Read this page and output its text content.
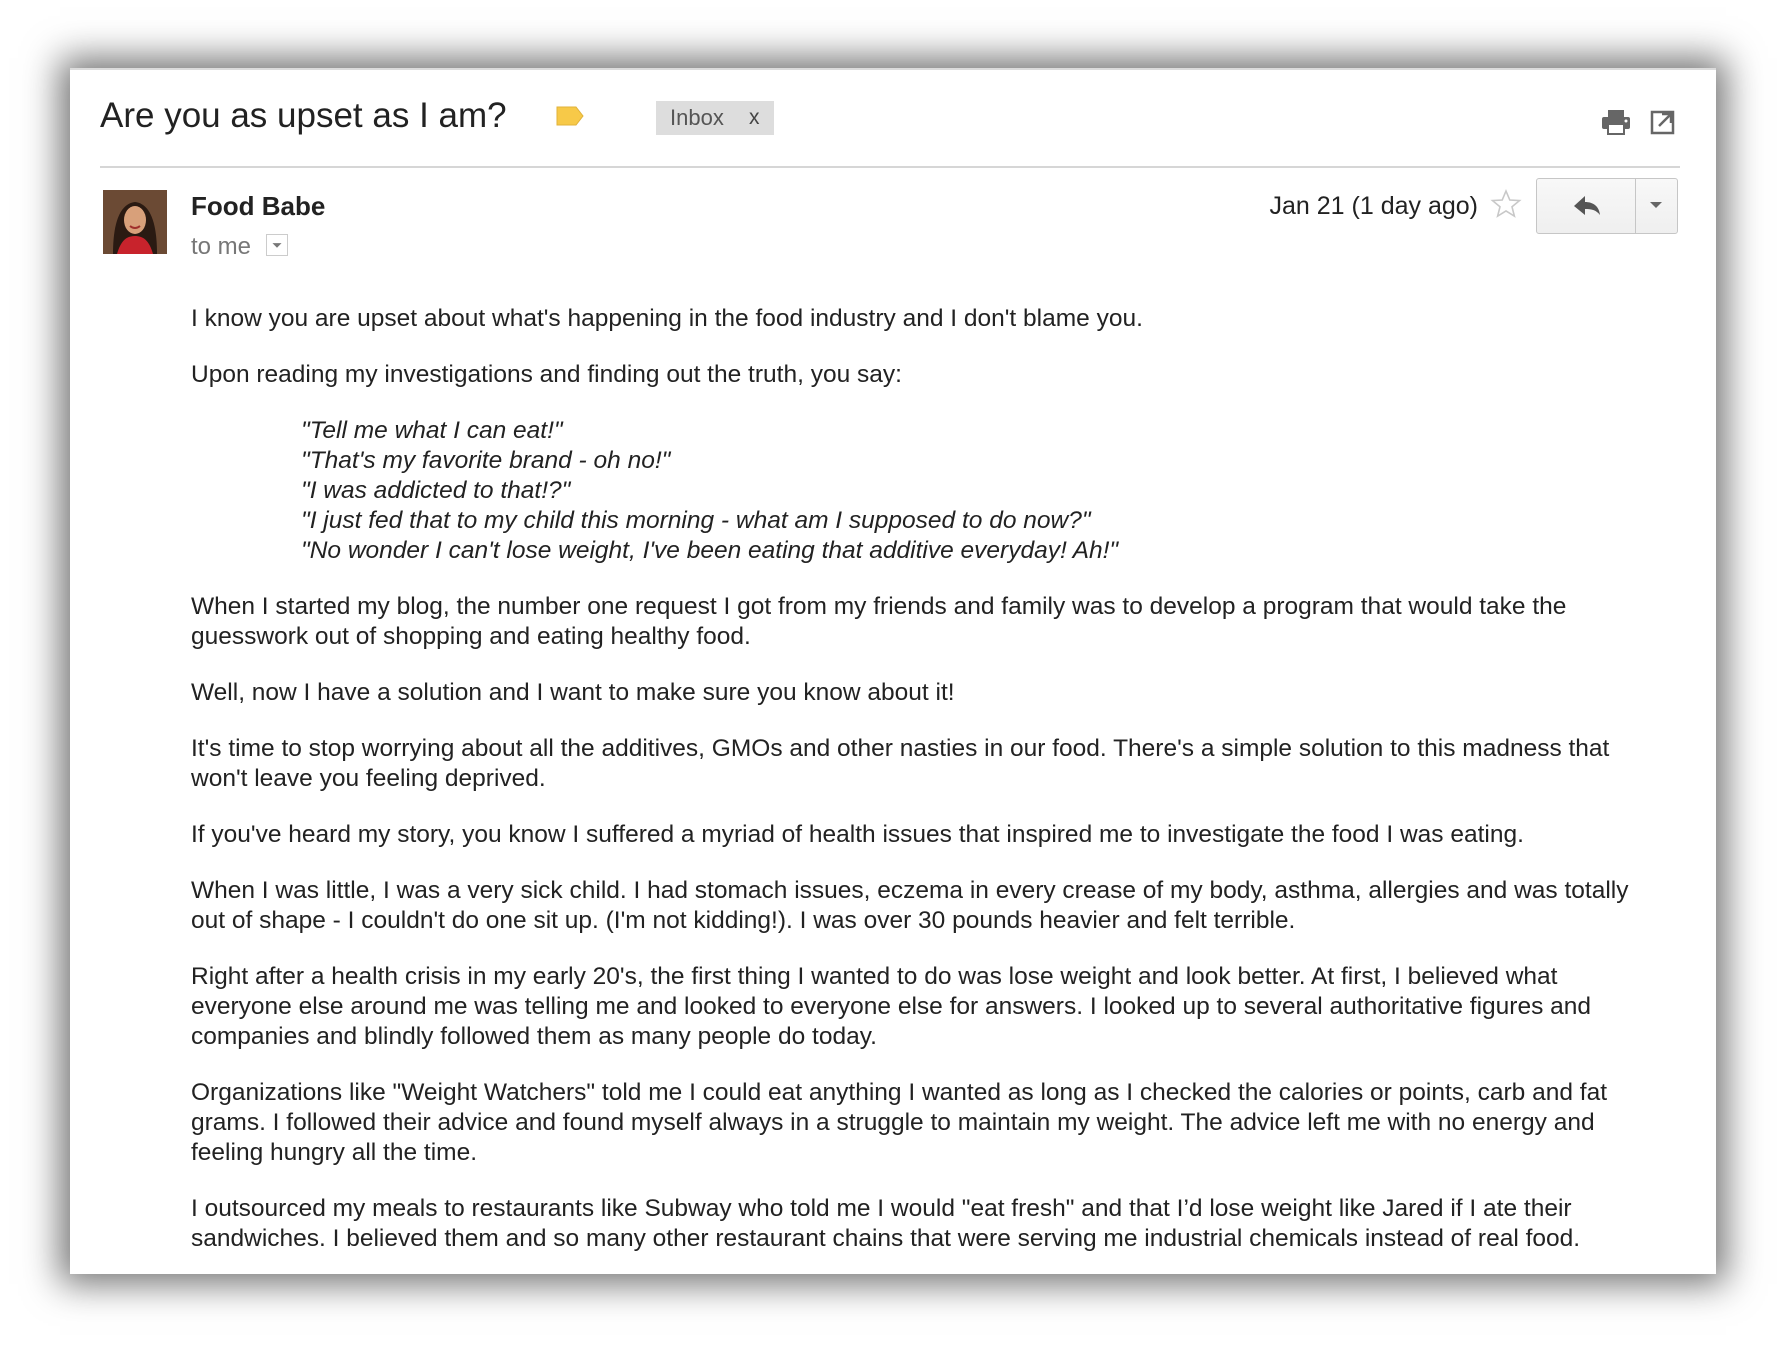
Are you as upset as I am?	Inbox x
Food Babe
to me
Jan 21 (1 day ago)

I know you are upset about what's happening in the food industry and I don't blame you.

Upon reading my investigations and finding out the truth, you say:

"Tell me what I can eat!"
"That's my favorite brand - oh no!"
"I was addicted to that!?"
"I just fed that to my child this morning - what am I supposed to do now?"
"No wonder I can't lose weight, I've been eating that additive everyday! Ah!"

When I started my blog, the number one request I got from my friends and family was to develop a program that would take the guesswork out of shopping and eating healthy food.

Well, now I have a solution and I want to make sure you know about it!

It's time to stop worrying about all the additives, GMOs and other nasties in our food. There's a simple solution to this madness that won't leave you feeling deprived.

If you've heard my story, you know I suffered a myriad of health issues that inspired me to investigate the food I was eating.

When I was little, I was a very sick child. I had stomach issues, eczema in every crease of my body, asthma, allergies and was totally out of shape - I couldn't do one sit up. (I'm not kidding!). I was over 30 pounds heavier and felt terrible.

Right after a health crisis in my early 20's, the first thing I wanted to do was lose weight and look better. At first, I believed what everyone else around me was telling me and looked to everyone else for answers. I looked up to several authoritative figures and companies and blindly followed them as many people do today.

Organizations like "Weight Watchers" told me I could eat anything I wanted as long as I checked the calories or points, carb and fat grams. I followed their advice and found myself always in a struggle to maintain my weight. The advice left me with no energy and feeling hungry all the time.

I outsourced my meals to restaurants like Subway who told me I would "eat fresh" and that I’d lose weight like Jared if I ate their sandwiches. I believed them and so many other restaurant chains that were serving me industrial chemicals instead of real food.
